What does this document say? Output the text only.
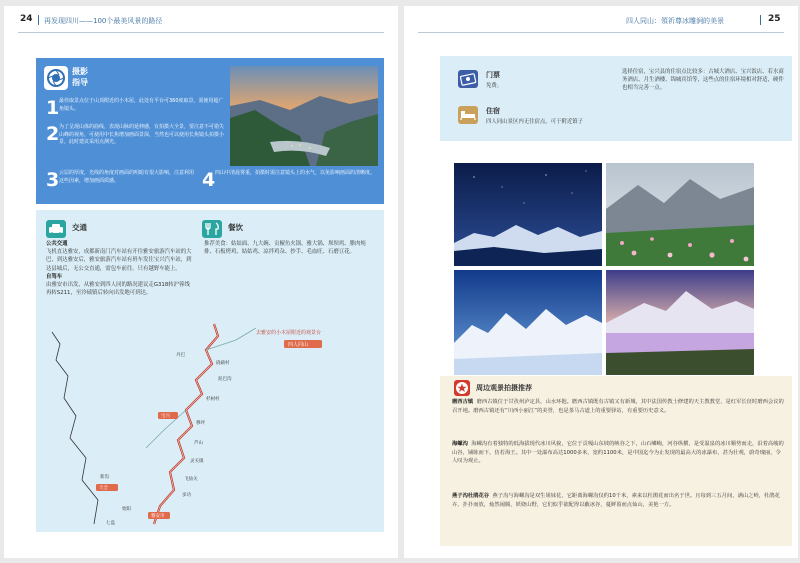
24 再发现四川——100个最美风景的路径
摄影
指导
1 最佳取景点位于山顶附近的小木屋，此处有平台可360度取景，需使用超广角镜头。
2 为了呈现山体的曲线，表现山脉的延伸感，有拍摄大全景，要注意不可错失山峰的视角，可使用中长焦增加画面景深，当然也可以使用长焦镜头拍摄小景，此时建议采用点测光。
3 云层的厚度，光线的角度对画面的明暗有很大影响，注意利用这些因素，增加画面质感。	4 四山中清晨雾重，拍摄时需注意镜头上的水气，以免影响画面的清晰度。
交通
公共交通
飞机直达雅安，成都新南门汽车站有开往雅安旅游汽车站的大巴，到达雅安后，雅安旅游汽车站有班车发往宝兴汽车站，到达县城后，无公交直通，需包车前往。只有越野车能上。
自驾车
由雅安市出发，从雅安到四人同的路况建议走G318转沪蓉线再转S211，至泠碛镇后转向出发地可到达。
餐饮
推荐美食：姑姑面、九大碗、贡椒鱼火锅、雅大锅、坝坝鸡、腊肉炖排、石板烤鸡、姑姑鸡、凉拌鸡杂、抄手、毛血旺、石磨豆花。
去雅安的小木屋附近的观景台
四人同山
丹巴
硗碛村
泥巴沟
杉树村
宝兴
穆坪
芦山
灵关镇
飞仙关
多功
雅安市
新沟
天全
始阳
七盘
四人同山：領祈尊冰雕涧的美景	25
门票
免费。
住宿
四人同山景区内无住宿点，可于附近镇子
选择住宿，宝兴县的住宿点比较多：古城大酒店、宝兴饭店、若水商务酒店、月生酒楼、锦城宾馆等，这些点的住宿环境相对舒适，硬件也相当完善一点。
周边观景拍摄推荐
磨西古镇 磨西古镇位于甘孜州泸定县，山水环抱。磨西古镇既有古镇又有新城，其中法国传教士修建的天主教教堂，是红军长征时磨西会议的召开地。磨西古镇还有“川西小丽江”的美誉，也是茶马古道上的重要驿站，有重要历史意义。
海螺沟 海螺沟有着独特的低海拔现代冰川风貌，它位于贡嘎山东坡的峡谷之下，山石嶙峋，河谷纵横，是受温泉的冰川顺势而走，沿着高峻的山谷，铺陈而下，仿若海王。其中一处瀑布高达1000多米，宽约1100米，是中国迄今为止发现的最高大的冰瀑布，甚为壮观，蔚奇瑰丽，令人叹为观止。
燕子沟杜鹃花谷 燕子沟与海螺沟是双生姐妹花，它距离海螺沟仅约10千米，素来以杜鹃花而出名于世。且每到三五月间，满山之岭，杜鹃花卉、扑扑而放，灿然闹腾，妖娆山野，它们似乎欲配得以蔽冰谷，蔓鲜盈而点仙山，美艳一方。
